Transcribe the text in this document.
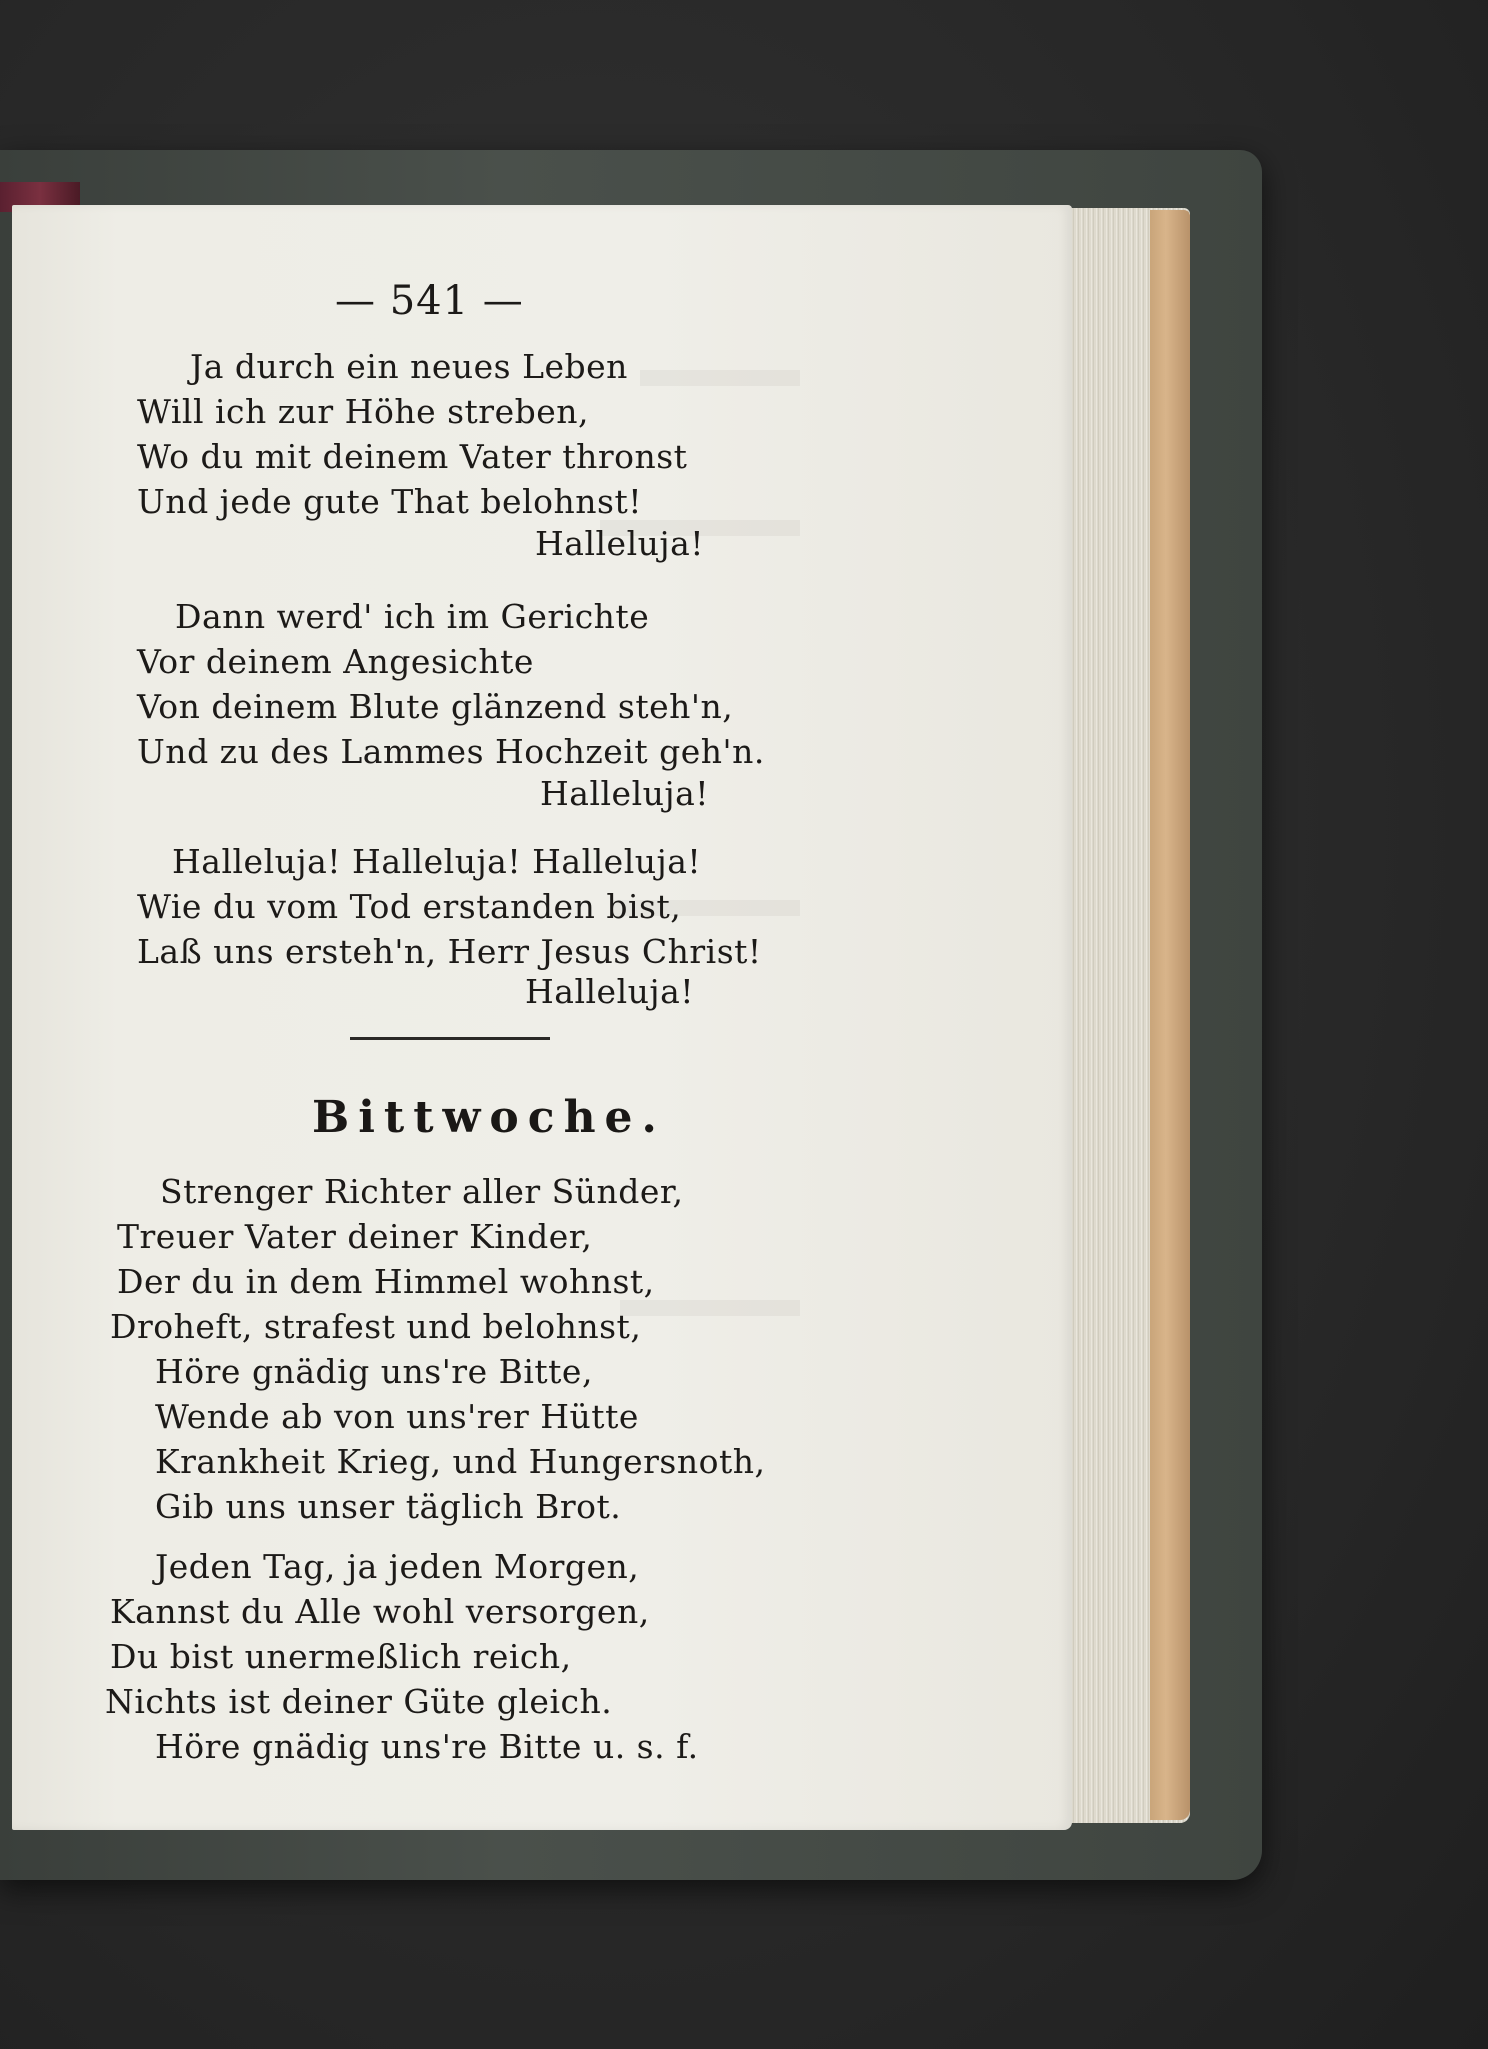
— 541 —
Ja durch ein neues Leben
Will ich zur Höhe streben,
Wo du mit deinem Vater thronst
Und jede gute That belohnst!
Halleluja!
Dann werd' ich im Gerichte
Vor deinem Angesichte
Von deinem Blute glänzend steh'n,
Und zu des Lammes Hochzeit geh'n.
Halleluja!
Halleluja! Halleluja! Halleluja!
Wie du vom Tod erstanden bist,
Laß uns ersteh'n, Herr Jesus Christ!
Halleluja!
Bittwoche.
Strenger Richter aller Sünder,
Treuer Vater deiner Kinder,
Der du in dem Himmel wohnst,
Droheft, strafest und belohnst,
Höre gnädig uns're Bitte,
Wende ab von uns'rer Hütte
Krankheit Krieg, und Hungersnoth,
Gib uns unser täglich Brot.
Jeden Tag, ja jeden Morgen,
Kannst du Alle wohl versorgen,
Du bist unermeßlich reich,
Nichts ist deiner Güte gleich.
Höre gnädig uns're Bitte u. s. f.
